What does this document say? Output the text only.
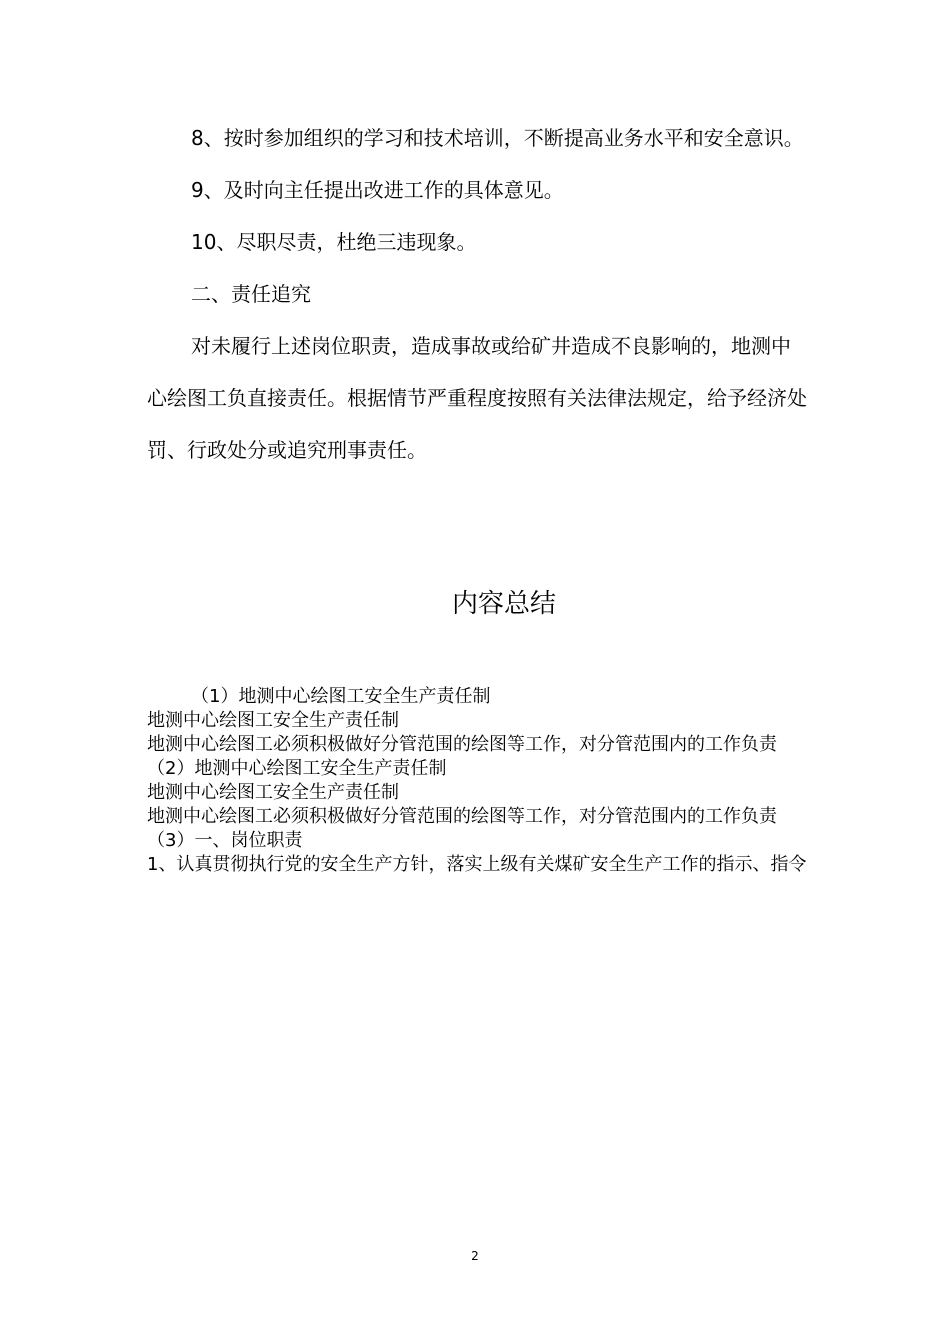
8、按时参加组织的学习和技术培训，不断提高业务水平和安全意识。

9、及时向主任提出改进工作的具体意见。

10、尽职尽责，杜绝三违现象。

二、责任追究

对未履行上述岗位职责，造成事故或给矿井造成不良影响的，地测中心绘图工负直接责任。根据情节严重程度按照有关法律法规定，给予经济处罚、行政处分或追究刑事责任。

内容总结

（1）地测中心绘图工安全生产责任制

地测中心绘图工安全生产责任制

地测中心绘图工必须积极做好分管范围的绘图等工作，对分管范围内的工作负责

（2）地测中心绘图工安全生产责任制

地测中心绘图工安全生产责任制

地测中心绘图工必须积极做好分管范围的绘图等工作，对分管范围内的工作负责

（3）一、岗位职责

1、认真贯彻执行党的安全生产方针，落实上级有关煤矿安全生产工作的指示、指令

2
